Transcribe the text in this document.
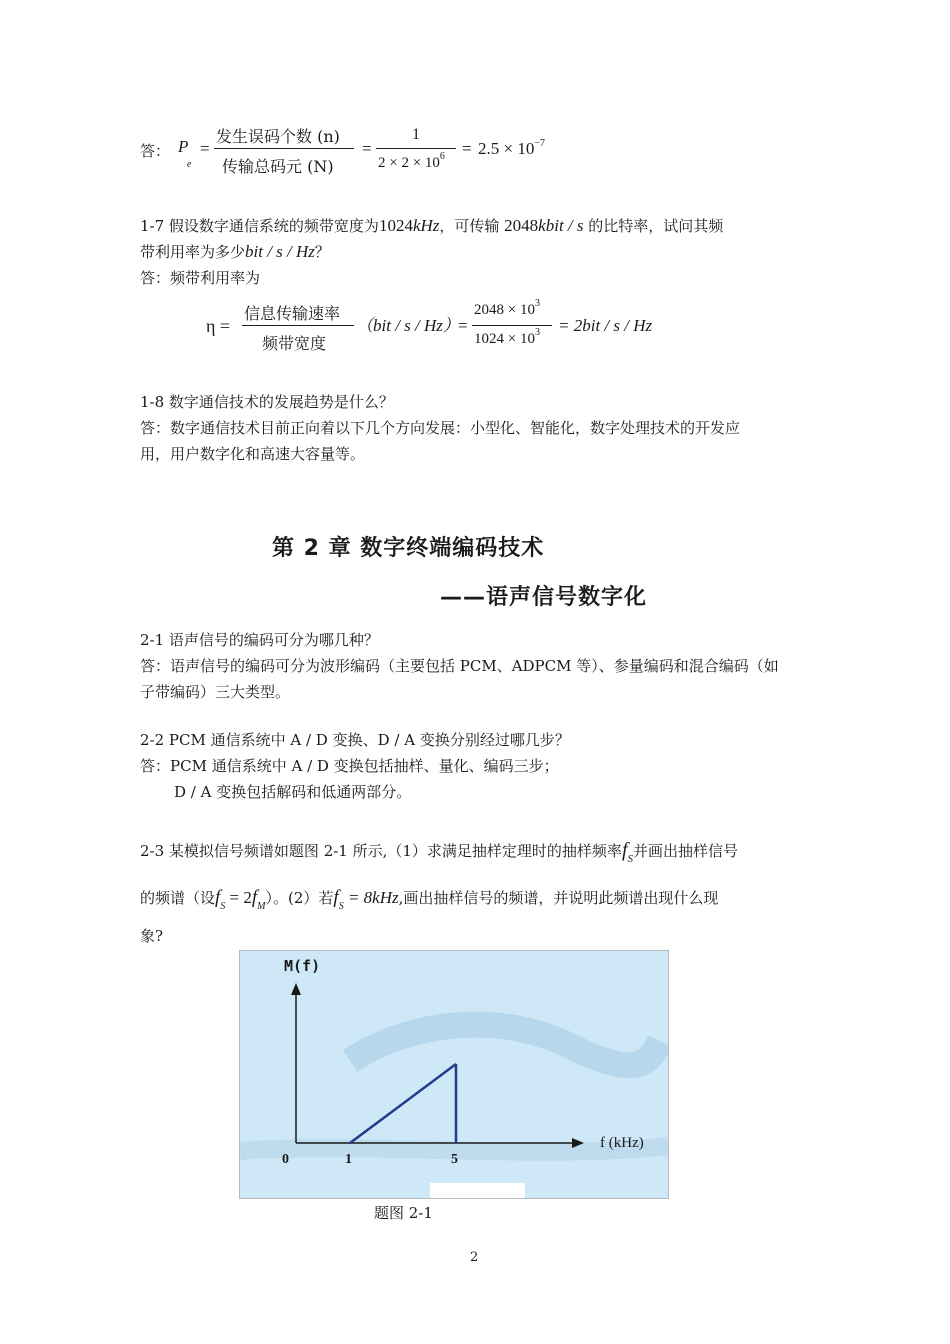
答： P
e
=
发生误码个数 (n)
传输总码元 (N)
=
1
$2 \times 2 \times 10^6 = 2.5 \times 10^{-7}$
1-7 假设数字通信系统的频带宽度为1024kHz，可传输 2048kbit / s 的比特率，试问其频
带利用率为多少bit / s / Hz？
答：频带利用率为
η =
信息传输速率
频带宽度
（bit / s / Hz）
=
$2048 \times 10^3$
$1024 \times 10^3 = 2bit / s / Hz$
1-8 数字通信技术的发展趋势是什么？
答：数字通信技术目前正向着以下几个方向发展：小型化、智能化，数字处理技术的开发应
用，用户数字化和高速大容量等。
第 2 章 数字终端编码技术
——语声信号数字化
2-1 语声信号的编码可分为哪几种？
答：语声信号的编码可分为波形编码（主要包括 PCM、ADPCM 等）、参量编码和混合编码（如
子带编码）三大类型。
2-2 PCM 通信系统中 A / D 变换、D / A 变换分别经过哪几步？
答：PCM 通信系统中 A / D 变换包括抽样、量化、编码三步；
D / A 变换包括解码和低通两部分。
2-3 某模拟信号频谱如题图 2-1 所示,（1）求满足抽样定理时的抽样频率$f_S$并画出抽样信号
的频谱（设$f_S = 2f_M$）。(2）若$f_S = 8kHz$,画出抽样信号的频谱，并说明此频谱出现什么现
象?
M(f)
f (kHz)
0	1	5
题图 2-1
2
